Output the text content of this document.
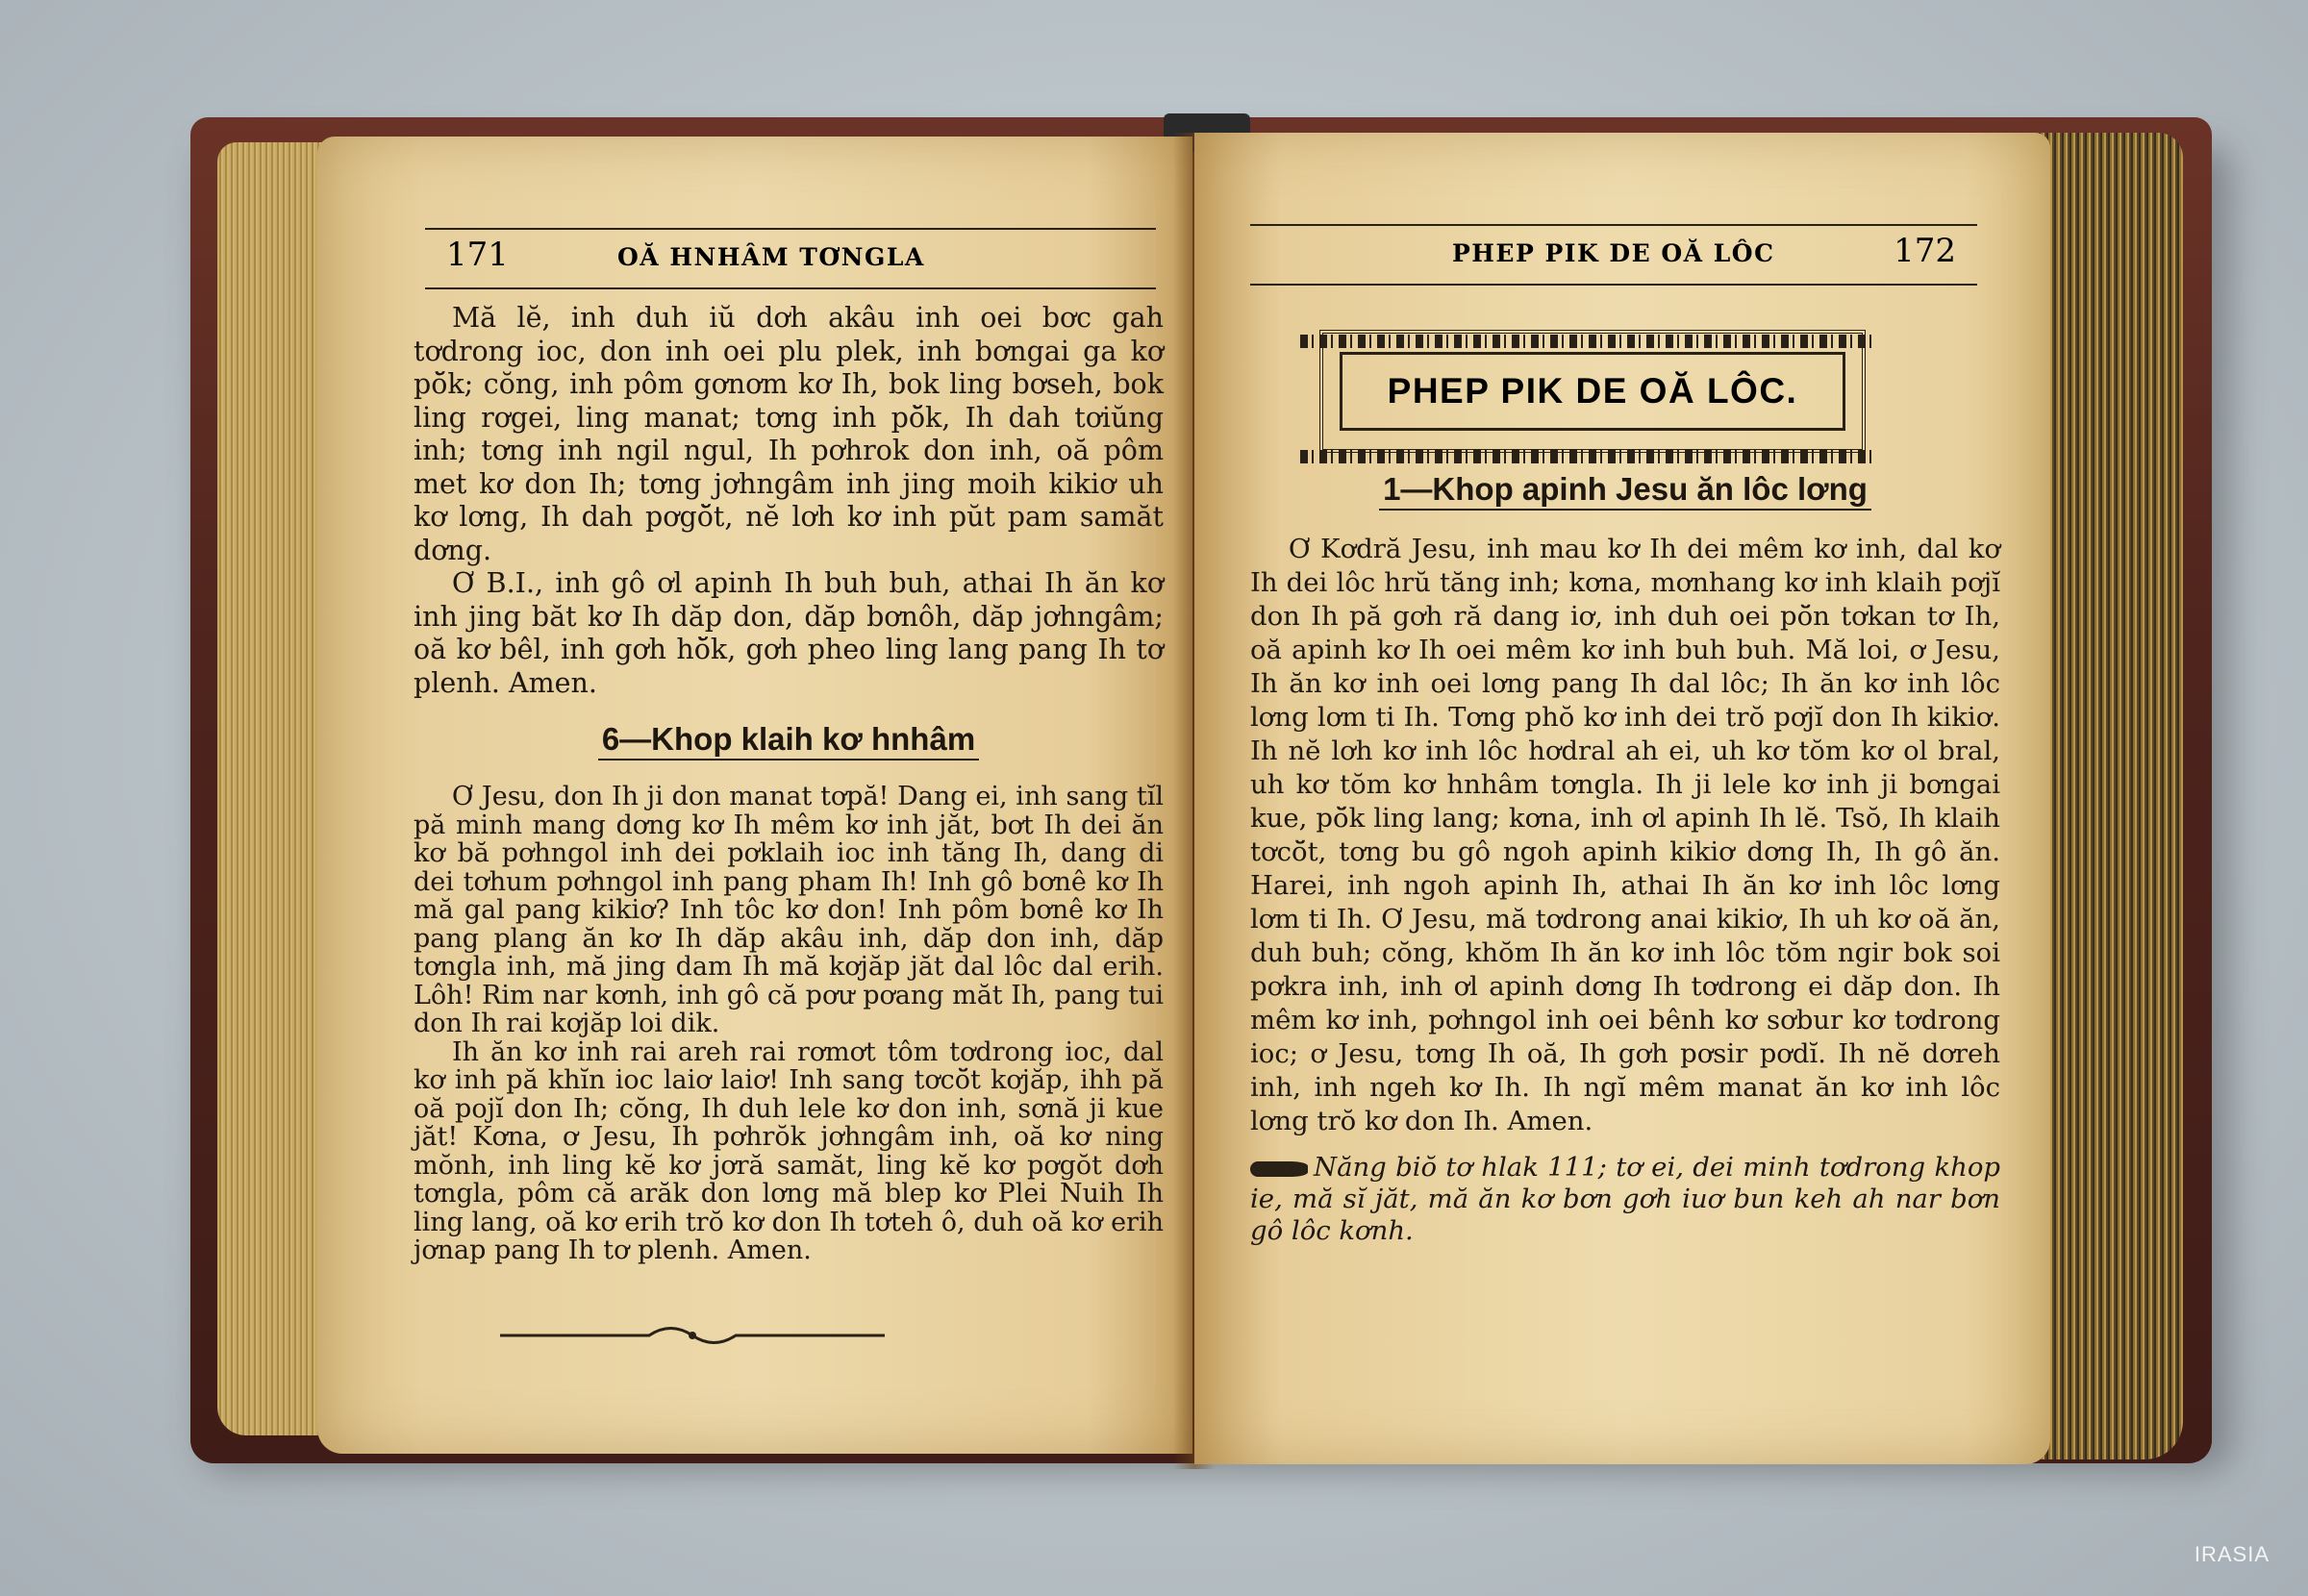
171	OĂ HNHÂM TƠNGLA

Mă lĕ, inh duh iŭ dơh akâu inh oei bơc gah tơdrong ioc, don inh oei plu plek, inh bơngai ga kơ pŏ̆k; cŏng, inh pôm gơnơm kơ Ih, bok ling bơseh, bok ling rơgei, ling manat; tơng inh pŏ̆k, Ih dah tơiŭng inh; tơng inh ngil ngul, Ih pơhrok don inh, oă pôm met kơ don Ih; tơng jơhngâm inh jing moih kikiơ uh kơ lơng, Ih dah pơgŏ̆t, nĕ lơh kơ inh pŭt pam samăt dơng.

Ơ B.I., inh gô ơl apinh Ih buh buh, athai Ih ăn kơ inh jing băt kơ Ih dăp don, dăp bơnôh, dăp jơhngâm; oă kơ bêl, inh gơh hŏ̆k, gơh pheo ling lang pang Ih tơ plenh. Amen.

6—Khop klaih kơ hnhâm

Ơ Jesu, don Ih ji don manat tơpă! Dang ei, inh sang tĭl pă minh mang dơng kơ Ih mêm kơ inh jăt, bơt Ih dei ăn kơ bă pơhngol inh dei pơklaih ioc inh tăng Ih, dang di dei tơhum pơhngol inh pang pham Ih! Inh gô bơnê kơ Ih mă gal pang kikiơ? Inh tôc kơ don! Inh pôm bơnê kơ Ih pang plang ăn kơ Ih dăp akâu inh, dăp don inh, dăp tơngla inh, mă jing dam Ih mă kơjăp jăt dal lôc dal erih. Lôh! Rim nar kơnh, inh gô că pơư pơang măt Ih, pang tui don Ih rai kơjăp loi dik.

Ih ăn kơ inh rai areh rai rơmơt tôm tơdrong ioc, dal kơ inh pă khĭn ioc laiơ laiơ! Inh sang tơcŏ̆t kơjăp, ihh pă oă pojĭ don Ih; cŏng, Ih duh lele kơ don inh, sơnă ji kue jăt! Kơna, ơ Jesu, Ih pơhrŏk jơhngâm inh, oă kơ ning mŏnh, inh ling kĕ kơ jơră samăt, ling kĕ kơ pơgŏt dơh tơngla, pôm că arăk don lơng mă blep kơ Plei Nuih Ih ling lang, oă kơ erih trŏ kơ don Ih tơteh ô, duh oă kơ erih jơnap pang Ih tơ plenh. Amen.

PHEP PIK DE OĂ LÔC	172
PHEP PIK DE OĂ LÔC.
1—Khop apinh Jesu ăn lôc lơng

Ơ Kơdră Jesu, inh mau kơ Ih dei mêm kơ inh, dal kơ Ih dei lôc hrŭ tăng inh; kơna, mơnhang kơ inh klaih pơjĭ don Ih pă gơh ră dang iơ, inh duh oei pŏ̆n tơkan tơ Ih, oă apinh kơ Ih oei mêm kơ inh buh buh. Mă loi, ơ Jesu, Ih ăn kơ inh oei lơng pang Ih dal lôc; Ih ăn kơ inh lôc lơng lơm ti Ih. Tơng phŏ kơ inh dei trŏ pơjĭ don Ih kikiơ. Ih nĕ lơh kơ inh lôc hơdral ah ei, uh kơ tŏm kơ ol bral, uh kơ tŏm kơ hnhâm tơngla. Ih ji lele kơ inh ji bơngai kue, pŏ̆k ling lang; kơna, inh ơl apinh Ih lĕ. Tsŏ, Ih klaih tơcŏ̆t, tơng bu gô ngoh apinh kikiơ dơng Ih, Ih gô ăn. Harei, inh ngoh apinh Ih, athai Ih ăn kơ inh lôc lơng lơm ti Ih. Ơ Jesu, mă tơdrong anai kikiơ, Ih uh kơ oă ăn, duh buh; cŏng, khŏm Ih ăn kơ inh lôc tŏm ngir bok soi pơkra inh, inh ơl apinh dơng Ih tơdrong ei dăp don. Ih mêm kơ inh, pơhngol inh oei bênh kơ sơbur kơ tơdrong ioc; ơ Jesu, tơng Ih oă, Ih gơh pơsir pơdĭ. Ih nĕ dơreh inh, inh ngeh kơ Ih. Ih ngĭ mêm manat ăn kơ inh lôc lơng trŏ kơ don Ih. Amen.

Năng biŏ tơ hlak 111; tơ ei, dei minh tơdrong khop ie, mă sĭ jăt, mă ăn kơ bơn gơh iuơ bun keh ah nar bơn gô lôc kơnh.
IRASIA
